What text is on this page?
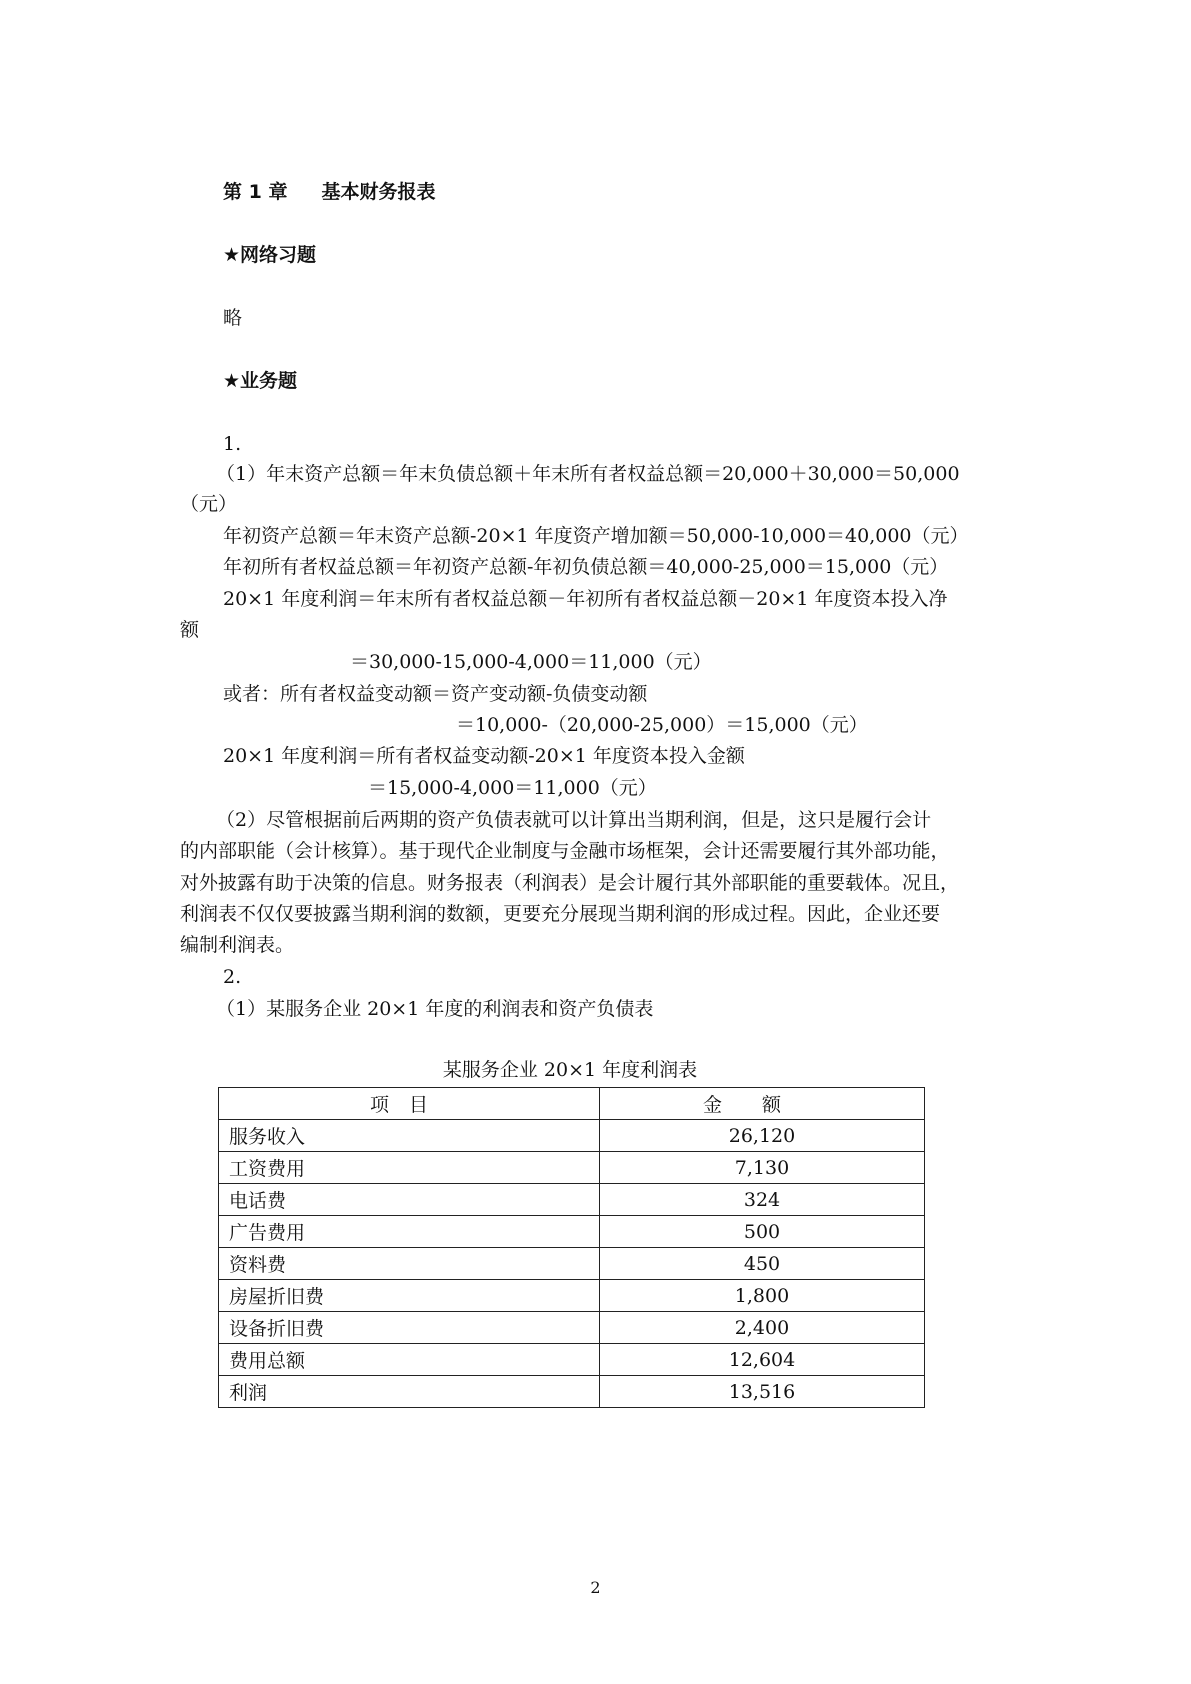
第 1 章 基本财务报表
★网络习题
略
★业务题
1.
（1）年末资产总额＝年末负债总额＋年末所有者权益总额＝20,000＋30,000＝50,000
（元）
年初资产总额＝年末资产总额-20×1 年度资产增加额＝50,000-10,000＝40,000（元）
年初所有者权益总额＝年初资产总额-年初负债总额＝40,000-25,000＝15,000（元）
20×1 年度利润＝年末所有者权益总额－年初所有者权益总额－20×1 年度资本投入净
额
＝30,000-15,000-4,000＝11,000（元）
或者：所有者权益变动额＝资产变动额-负债变动额
＝10,000-（20,000-25,000）＝15,000（元）
20×1 年度利润＝所有者权益变动额-20×1 年度资本投入金额
＝15,000-4,000＝11,000（元）
（2）尽管根据前后两期的资产负债表就可以计算出当期利润，但是，这只是履行会计
的内部职能（会计核算）。基于现代企业制度与金融市场框架，会计还需要履行其外部功能，
对外披露有助于决策的信息。财务报表（利润表）是会计履行其外部职能的重要载体。况且，
利润表不仅仅要披露当期利润的数额，更要充分展现当期利润的形成过程。因此，企业还要
编制利润表。
2.
（1）某服务企业 20×1 年度的利润表和资产负债表
某服务企业 20×1 年度利润表
项目	金额
服务收入	26,120
工资费用	7,130
电话费	324
广告费用	500
资料费	450
房屋折旧费	1,800
设备折旧费	2,400
费用总额	12,604
利润	13,516
2
